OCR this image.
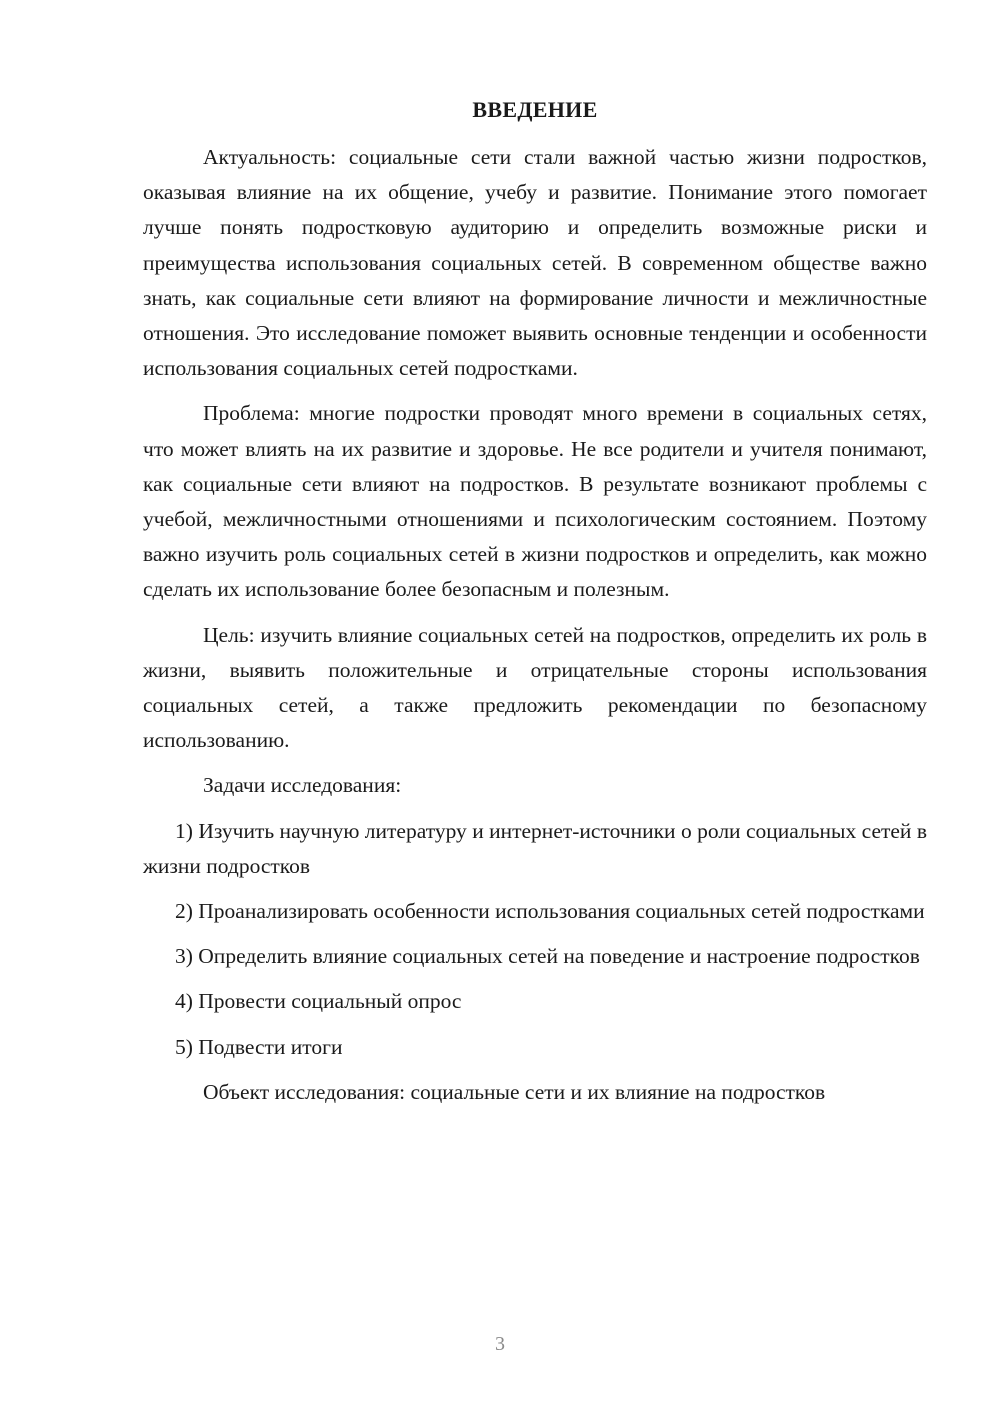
ВВЕДЕНИЕ

Актуальность: социальные сети стали важной частью жизни подростков, оказывая влияние на их общение, учебу и развитие. Понимание этого помогает лучше понять подростковую аудиторию и определить возможные риски и преимущества использования социальных сетей. В современном обществе важно знать, как социальные сети влияют на формирование личности и межличностные отношения. Это исследование поможет выявить основные тенденции и особенности использования социальных сетей подростками.

Проблема: многие подростки проводят много времени в социальных сетях, что может влиять на их развитие и здоровье. Не все родители и учителя понимают, как социальные сети влияют на подростков. В результате возникают проблемы с учебой, межличностными отношениями и психологическим состоянием. Поэтому важно изучить роль социальных сетей в жизни подростков и определить, как можно сделать их использование более безопасным и полезным.

Цель: изучить влияние социальных сетей на подростков, определить их роль в жизни, выявить положительные и отрицательные стороны использования социальных сетей, а также предложить рекомендации по безопасному использованию.

Задачи исследования:

1) Изучить научную литературу и интернет-источники о роли социальных сетей в жизни подростков

2) Проанализировать особенности использования социальных сетей подростками

3) Определить влияние социальных сетей на поведение и настроение подростков

4) Провести социальный опрос

5) Подвести итоги

Объект исследования: социальные сети и их влияние на подростков

3
